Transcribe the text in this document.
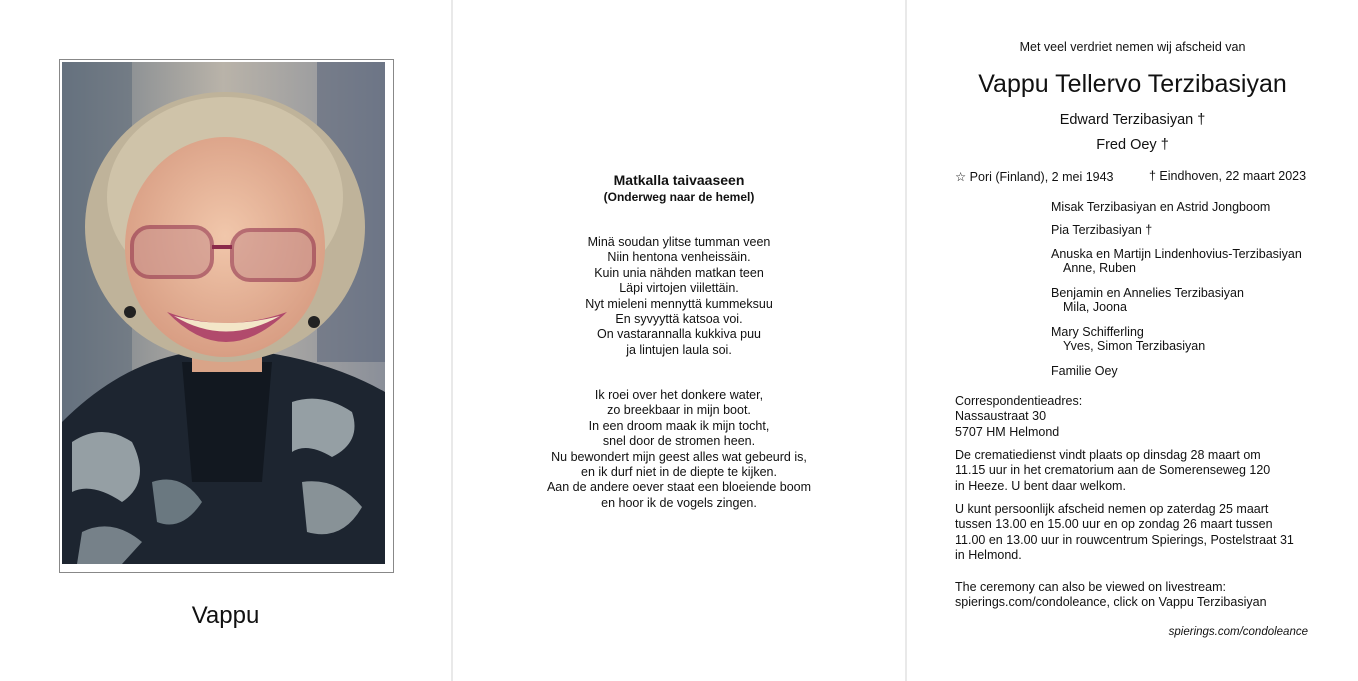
Vappu
Matkalla taivaaseen
(Onderweg naar de hemel)
Minä soudan ylitse tumman veen
Niin hentona venheissäin.
Kuin unia nähden matkan teen
Läpi virtojen viilettäin.
Nyt mieleni mennyttä kummeksuu
En syvyyttä katsoa voi.
On vastarannalla kukkiva puu
ja lintujen laula soi.
Ik roei over het donkere water,
zo breekbaar in mijn boot.
In een droom maak ik mijn tocht,
snel door de stromen heen.
Nu bewondert mijn geest alles wat gebeurd is,
en ik durf niet in de diepte te kijken.
Aan de andere oever staat een bloeiende boom
en hoor ik de vogels zingen.
Met veel verdriet nemen wij afscheid van
Vappu Tellervo Terzibasiyan
Edward Terzibasiyan †
Fred Oey †
☆ Pori (Finland), 2 mei 1943	† Eindhoven, 22 maart 2023
Misak Terzibasiyan en Astrid Jongboom
Pia Terzibasiyan †
Anuska en Martijn Lindenhovius-Terzibasiyan
Anne, Ruben
Benjamin en Annelies Terzibasiyan
Mila, Joona
Mary Schifferling
Yves, Simon Terzibasiyan
Familie Oey
Correspondentieadres:
Nassaustraat 30
5707 HM Helmond
De crematiedienst vindt plaats op dinsdag 28 maart om
11.15 uur in het crematorium aan de Somerenseweg 120
in Heeze. U bent daar welkom.
U kunt persoonlijk afscheid nemen op zaterdag 25 maart
tussen 13.00 en 15.00 uur en op zondag 26 maart tussen
11.00 en 13.00 uur in rouwcentrum Spierings, Postelstraat 31
in Helmond.
The ceremony can also be viewed on livestream:
spierings.com/condoleance, click on Vappu Terzibasiyan
spierings.com/condoleance
